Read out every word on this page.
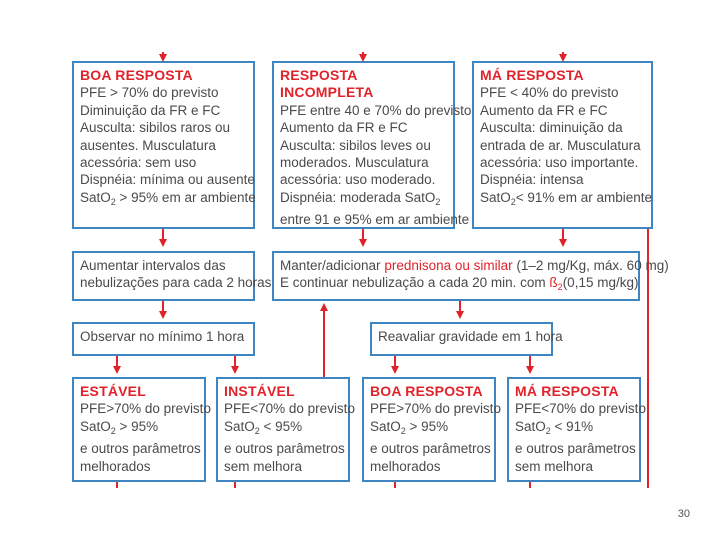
BOA RESPOSTA
PFE > 70% do previsto
Diminuição da FR e FC
Ausculta: sibilos raros ou
ausentes. Musculatura
acessória: sem uso
Dispnéia: mínima ou ausente
SatO$_2$ > 95% em ar ambiente
RESPOSTA INCOMPLETA
PFE entre 40 e 70% do previsto
Aumento da FR e FC
Ausculta: sibilos leves ou
moderados. Musculatura
acessória: uso moderado.
Dispnéia: moderada SatO$_2$
entre 91 e 95% em ar ambiente
MÁ RESPOSTA
PFE < 40% do previsto
Aumento da FR e FC
Ausculta: diminuição da
entrada de ar. Musculatura
acessória: uso importante.
Dispnéia: intensa
SatO$_2$< 91% em ar ambiente
Aumentar intervalos das
nebulizações para cada 2 horas
Manter/adicionar prednisona ou similar (1–2 mg/Kg, máx. 60 mg)
E continuar nebulização a cada 20 min. com $ß_2(0,15$ mg/kg)
Observar no mínimo 1 hora	Reavaliar gravidade em 1 hora
ESTÁVEL
PFE>70% do previsto
SatO$_2$ > 95%
e outros parâmetros
melhorados
INSTÁVEL
PFE<70% do previsto
SatO$_2$ < 95%
e outros parâmetros
sem melhora
BOA RESPOSTA
PFE>70% do previsto
SatO$_2$ > 95%
e outros parâmetros
melhorados
MÁ RESPOSTA
PFE<70% do previsto
SatO$_2$ < 91%
e outros parâmetros
sem melhora
30
